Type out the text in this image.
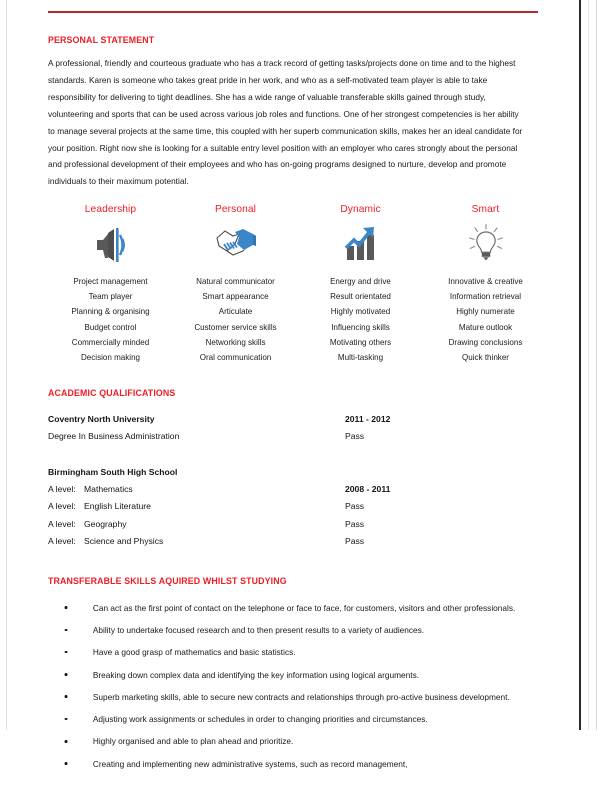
PERSONAL STATEMENT

A professional, friendly and courteous graduate who has a track record of getting tasks/projects done on time and to the highest standards. Karen is someone who takes great pride in her work, and who as a self-motivated team player is able to take responsibility for delivering to tight deadlines. She has a wide range of valuable transferable skills gained through study, volunteering and sports that can be used across various job roles and functions. One of her strongest competencies is her ability to manage several projects at the same time, this coupled with her superb communication skills, makes her an ideal candidate for your position. Right now she is looking for a suitable entry level position with an employer who cares strongly about the personal and professional development of their employees and who has on-going programs designed to nurture, develop and promote individuals to their maximum potential.

Leadership
Project management
Team player
Planning & organising
Budget control
Commercially minded
Decision making
Personal
Natural communicator
Smart appearance
Articulate
Customer service skills
Networking skills
Oral communication
Dynamic
Energy and drive
Result orientated
Highly motivated
Influencing skills
Motivating others
Multi-tasking
Smart
Innovative & creative
Information retrieval
Highly numerate
Mature outlook
Drawing conclusions
Quick thinker
ACADEMIC QUALIFICATIONS
Coventry North University	2011 - 2012
Degree In Business Administration	Pass
Birmingham South High School
A level: Mathematics	2008 - 2011
A level: English Literature	Pass
A level: Geography	Pass
A level: Science and Physics	Pass
TRANSFERABLE SKILLS AQUIRED WHILST STUDYING
Can act as the first point of contact on the telephone or face to face, for customers, visitors and other professionals.
Ability to undertake focused research and to then present results to a variety of audiences.
Have a good grasp of mathematics and basic statistics.
Breaking down complex data and identifying the key information using logical arguments.
Superb marketing skills, able to secure new contracts and relationships through pro-active business development.
Adjusting work assignments or schedules in order to changing priorities and circumstances.
Highly organised and able to plan ahead and prioritize.
Creating and implementing new administrative systems, such as record management,
